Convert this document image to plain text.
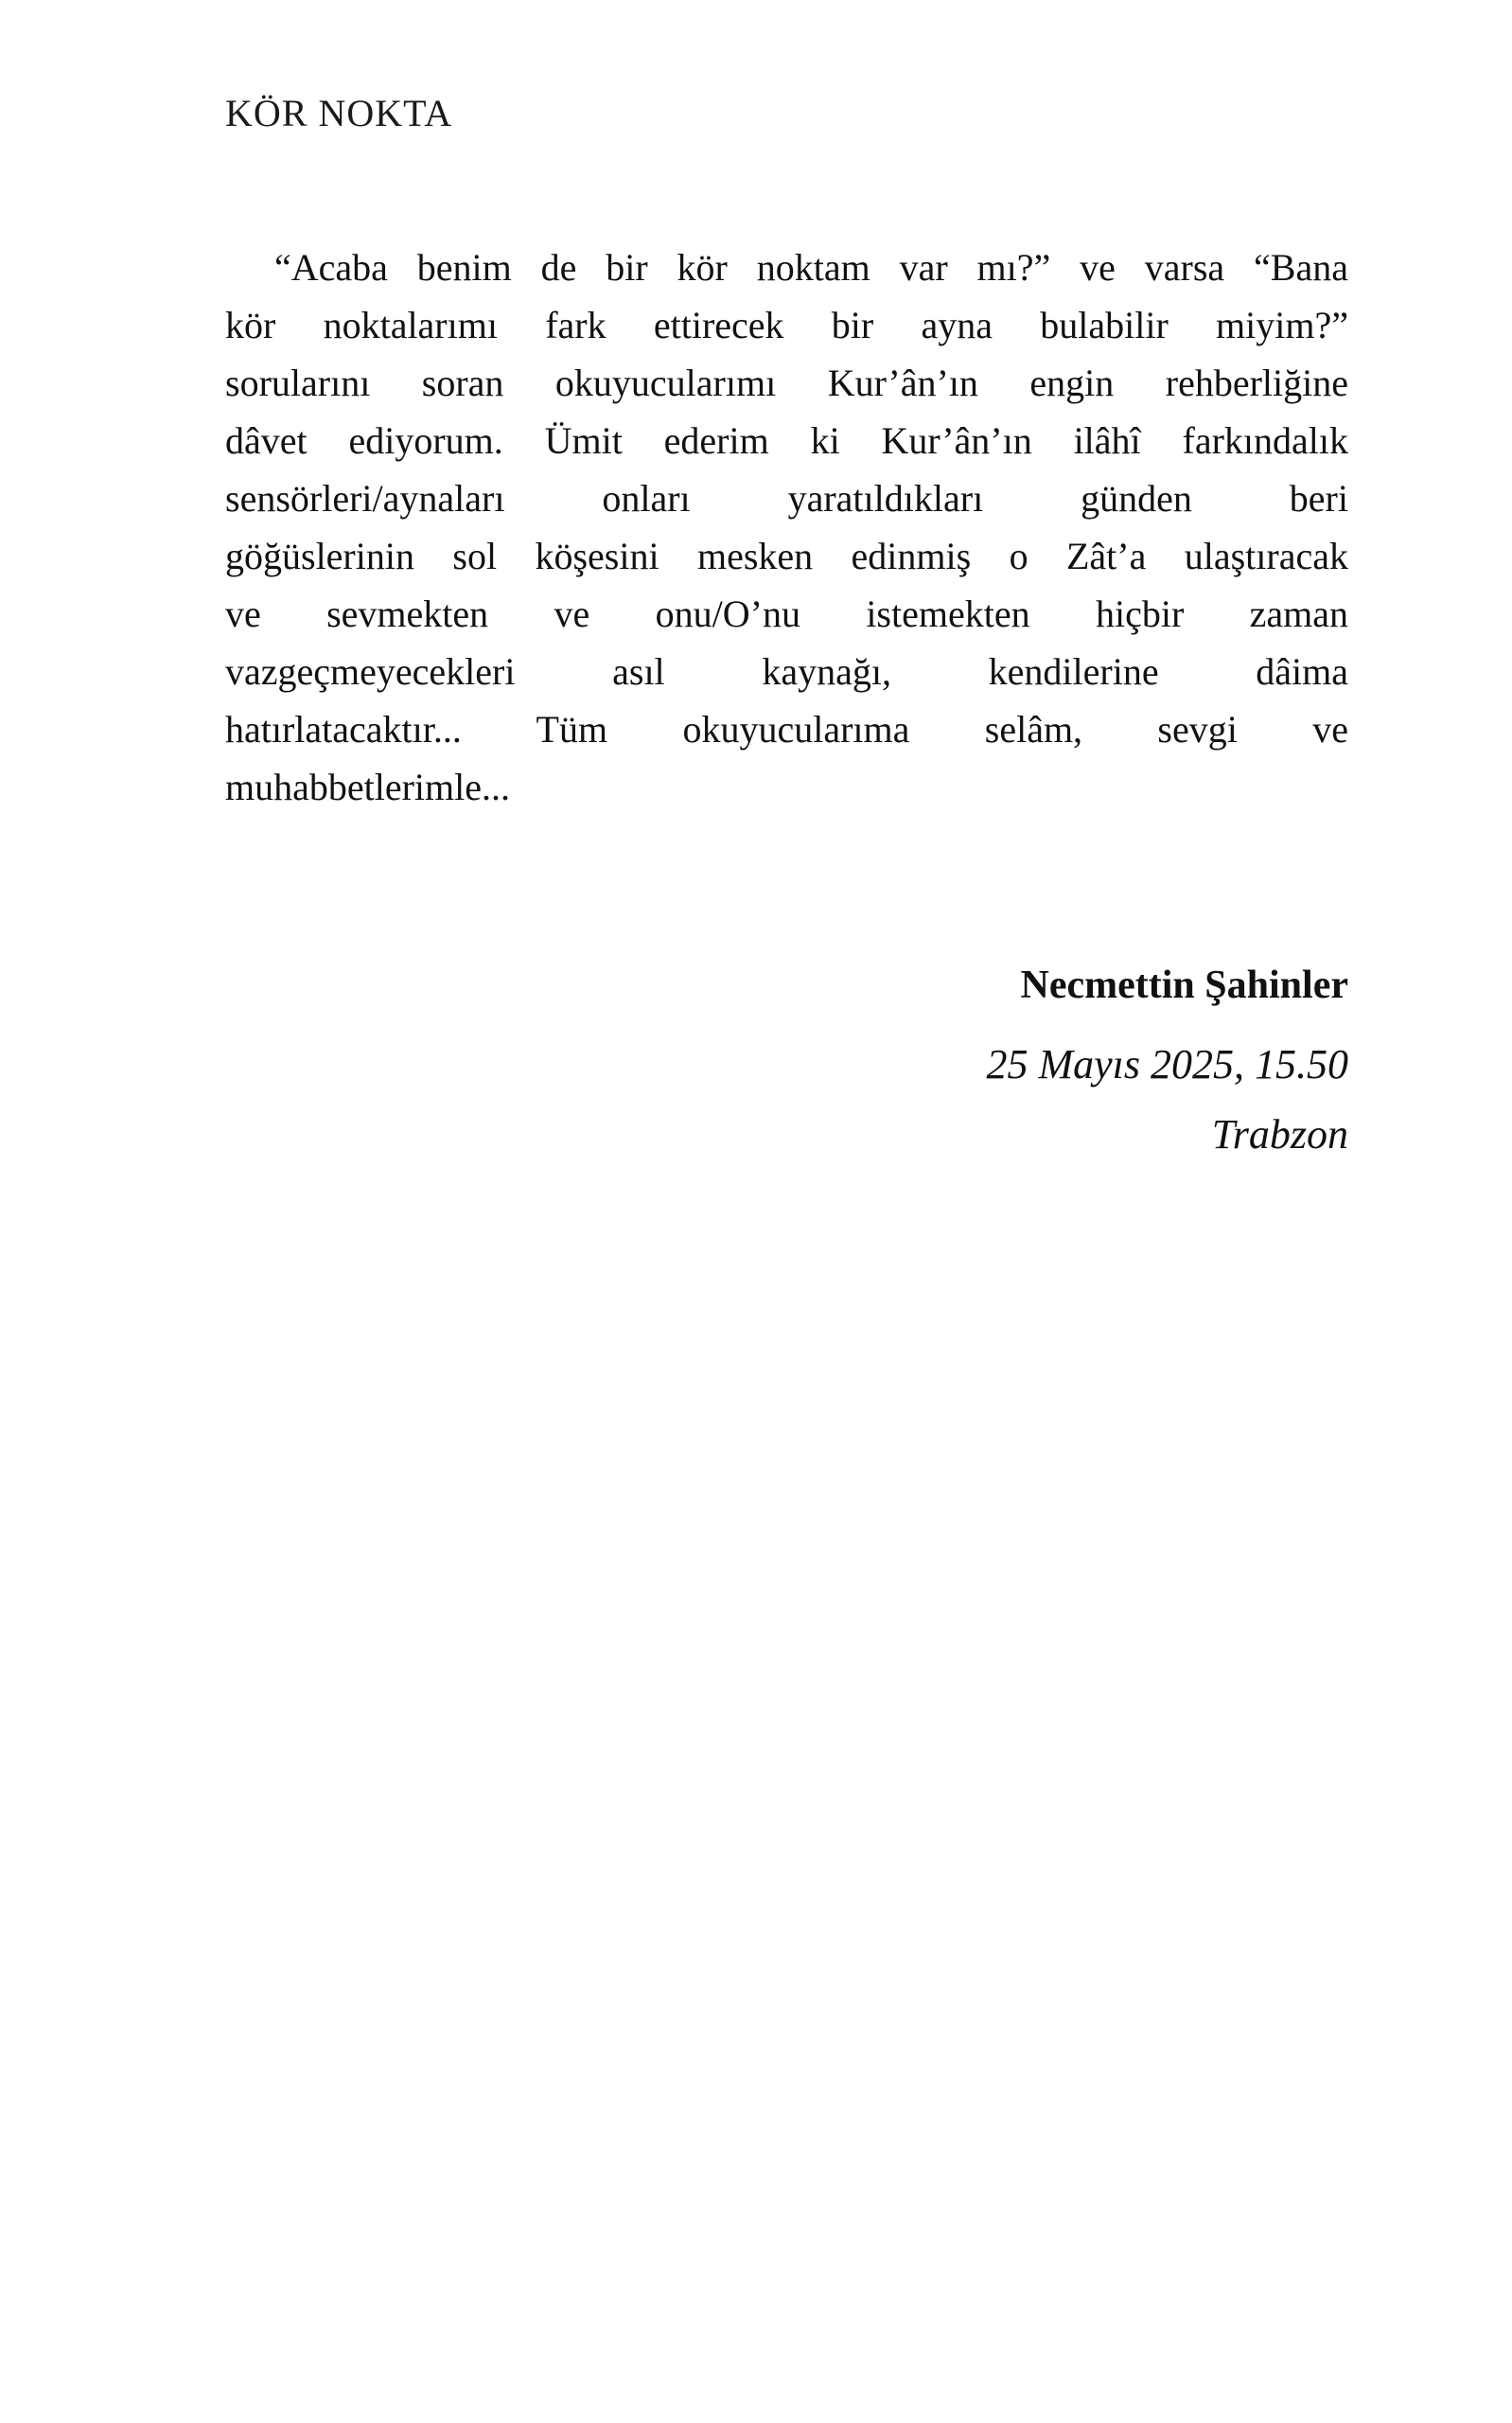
KÖR NOKTA
“Acaba benim de bir kör noktam var mı?” ve varsa “Bana
kör noktalarımı fark ettirecek bir ayna bulabilir miyim?”
sorularını soran okuyucularımı Kur’ân’ın engin rehberliğine
dâvet ediyorum. Ümit ederim ki Kur’ân’ın ilâhî farkındalık
sensörleri/aynaları onları yaratıldıkları günden beri
göğüslerinin sol köşesini mesken edinmiş o Zât’a ulaştıracak
ve sevmekten ve onu/O’nu istemekten hiçbir zaman
vazgeçmeyecekleri asıl kaynağı, kendilerine dâima
hatırlatacaktır... Tüm okuyucularıma selâm, sevgi ve
muhabbetlerimle...
Necmettin Şahinler
25 Mayıs 2025, 15.50
Trabzon
